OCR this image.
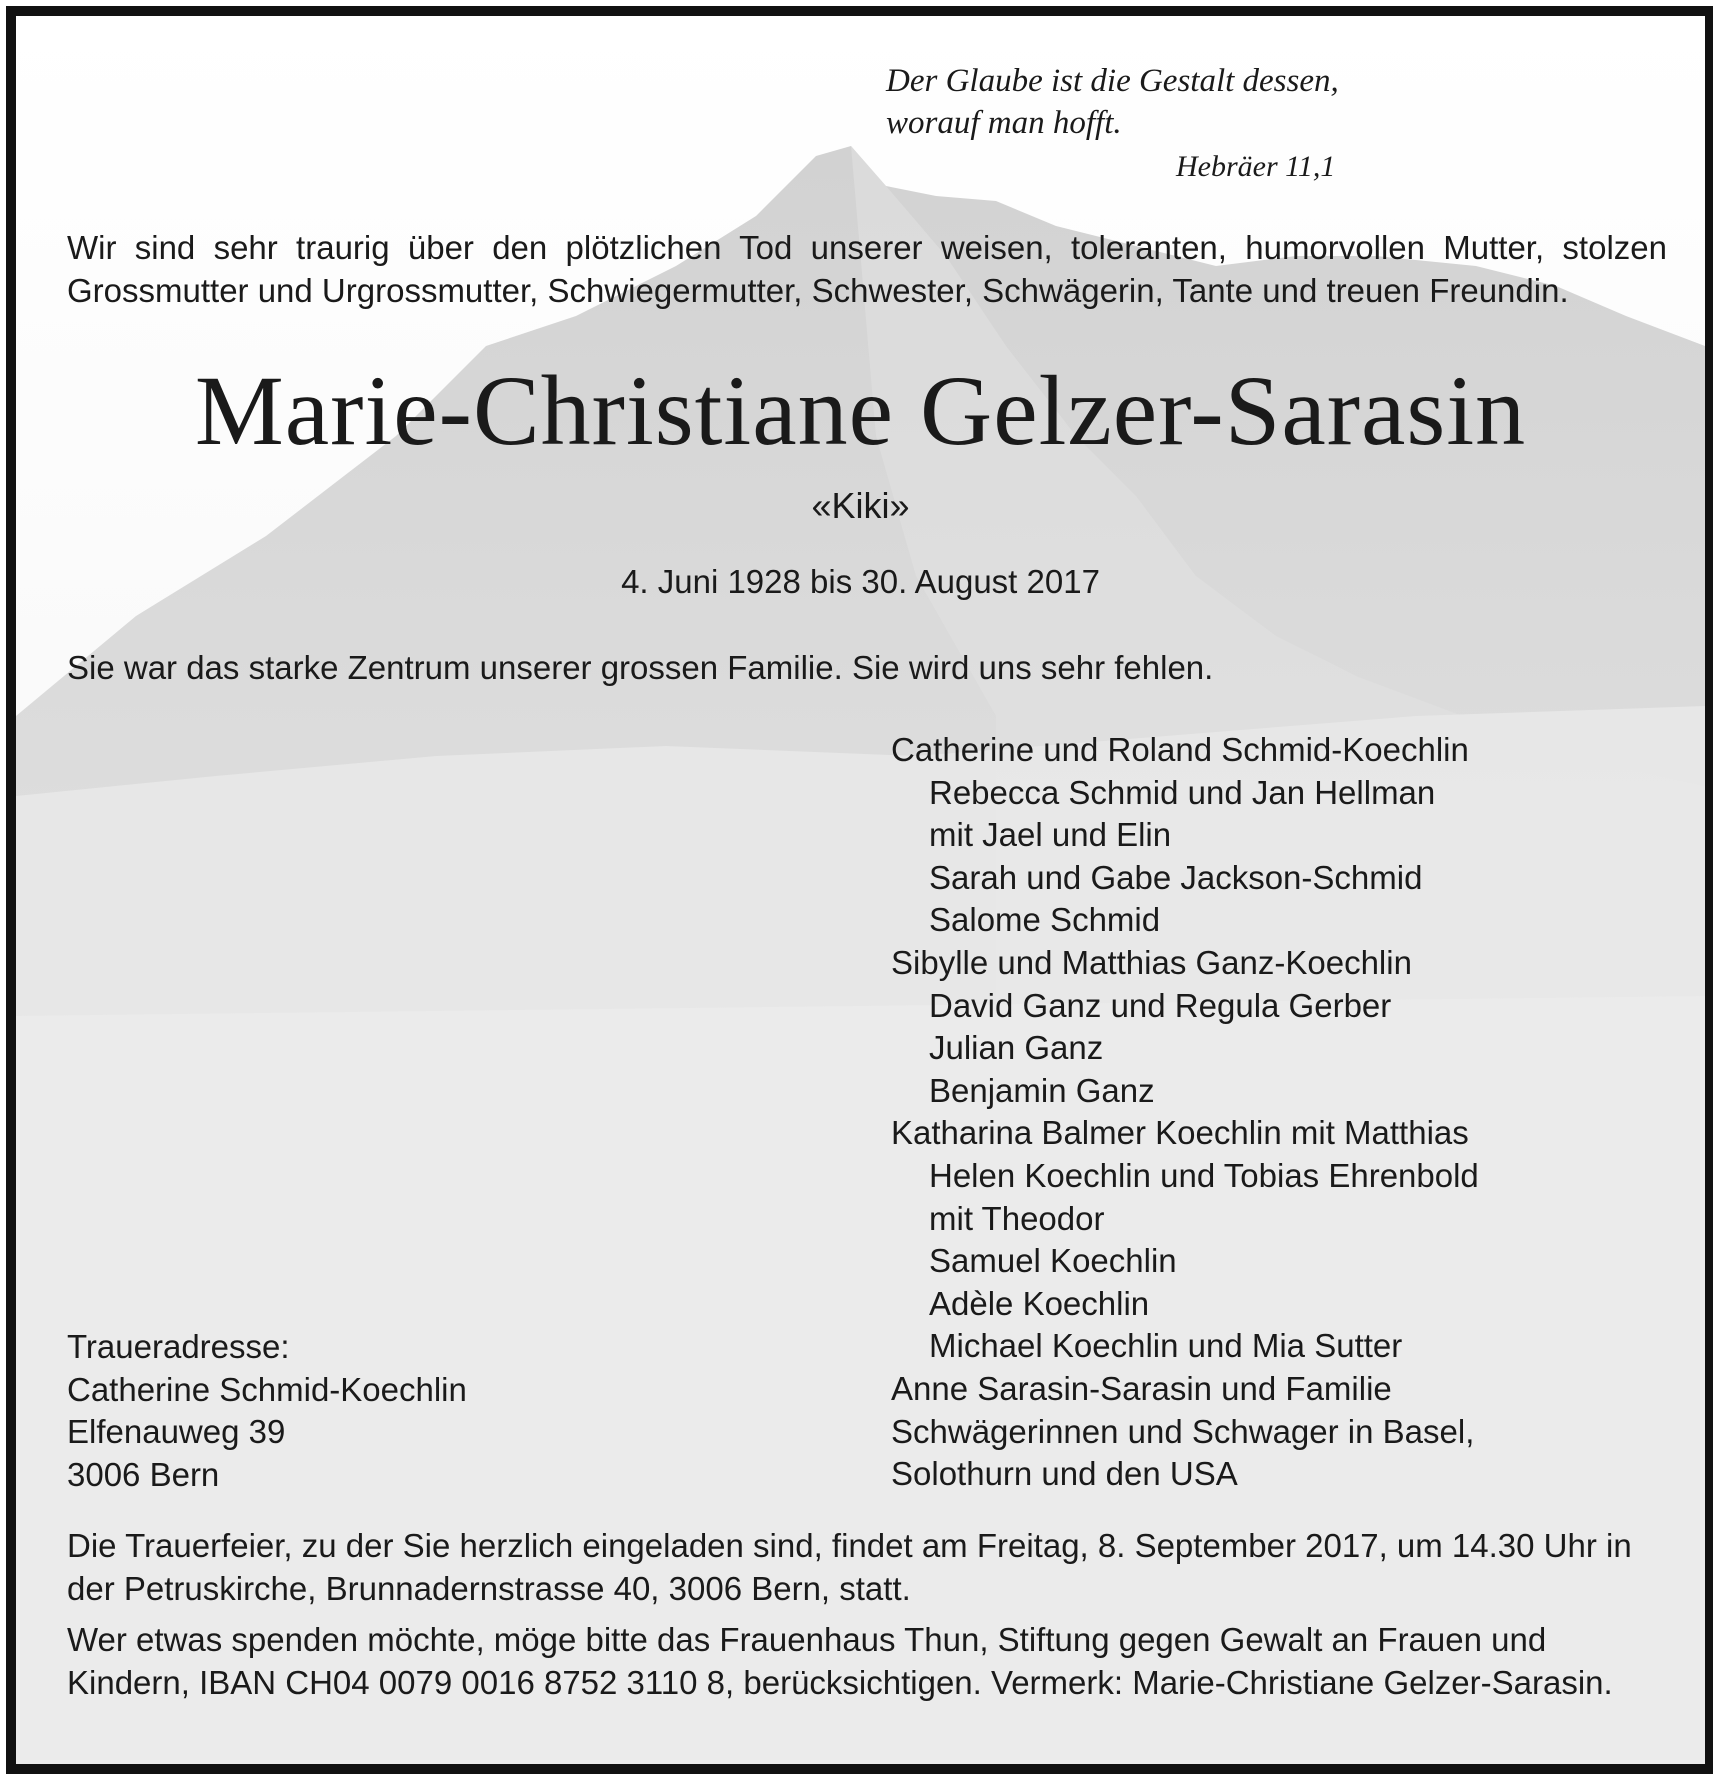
Der Glaube ist die Gestalt dessen,
worauf man hofft.
Hebräer 11,1
Wir sind sehr traurig über den plötzlichen Tod unserer weisen, toleranten, humorvollen Mutter, stolzen Grossmutter und Urgrossmutter, Schwiegermutter, Schwester, Schwägerin, Tante und treuen Freundin.
Marie-Christiane Gelzer-Sarasin
«Kiki»
4. Juni 1928 bis 30. August 2017
Sie war das starke Zentrum unserer grossen Familie. Sie wird uns sehr fehlen.
Catherine und Roland Schmid-Koechlin
Rebecca Schmid und Jan Hellman
mit Jael und Elin
Sarah und Gabe Jackson-Schmid
Salome Schmid
Sibylle und Matthias Ganz-Koechlin
David Ganz und Regula Gerber
Julian Ganz
Benjamin Ganz
Katharina Balmer Koechlin mit Matthias
Helen Koechlin und Tobias Ehrenbold
mit Theodor
Samuel Koechlin
Adèle Koechlin
Michael Koechlin und Mia Sutter
Anne Sarasin-Sarasin und Familie
Schwägerinnen und Schwager in Basel,
Solothurn und den USA
Traueradresse:
Catherine Schmid-Koechlin
Elfenauweg 39
3006 Bern
Die Trauerfeier, zu der Sie herzlich eingeladen sind, findet am Freitag, 8. September 2017, um 14.30 Uhr in der Petruskirche, Brunnadernstrasse 40, 3006 Bern, statt.
Wer etwas spenden möchte, möge bitte das Frauenhaus Thun, Stiftung gegen Gewalt an Frauen und Kindern, IBAN CH04 0079 0016 8752 3110 8, berücksichtigen. Vermerk: Marie-Christiane Gelzer-Sarasin.
